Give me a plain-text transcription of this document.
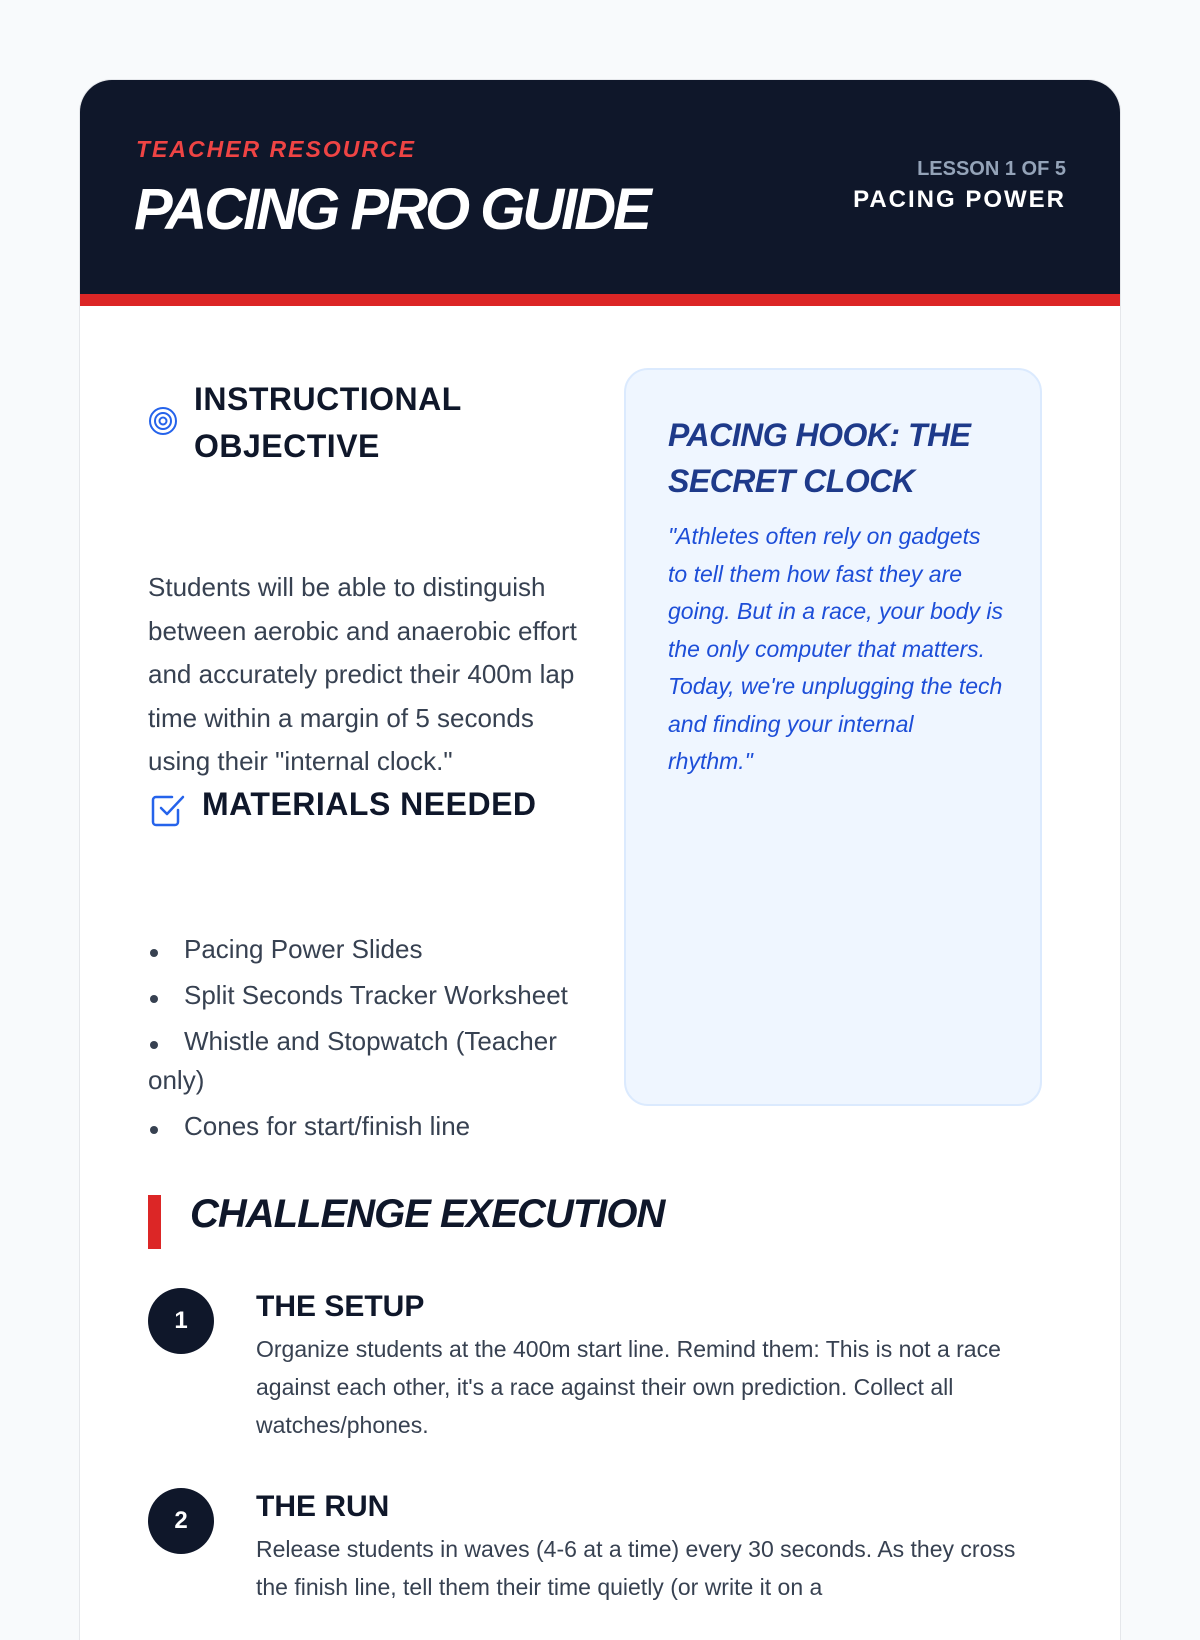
TEACHER RESOURCE
PACING PRO GUIDE
LESSON 1 OF 5
PACING POWER
INSTRUCTIONAL OBJECTIVE
Students will be able to distinguish between aerobic and anaerobic effort and accurately predict their 400m lap time within a margin of 5 seconds using their "internal clock."
MATERIALS NEEDED
Pacing Power Slides
Split Seconds Tracker Worksheet
Whistle and Stopwatch (Teacher only)
Cones for start/finish line
PACING HOOK: THE SECRET CLOCK
"Athletes often rely on gadgets to tell them how fast they are going. But in a race, your body is the only computer that matters. Today, we're unplugging the tech and finding your internal rhythm."
CHALLENGE EXECUTION
1	THE SETUP
Organize students at the 400m start line. Remind them: This is not a race against each other, it's a race against their own prediction. Collect all watches/phones.
2	THE RUN
Release students in waves (4-6 at a time) every 30 seconds. As they cross the finish line, tell them their time quietly (or write it on a
